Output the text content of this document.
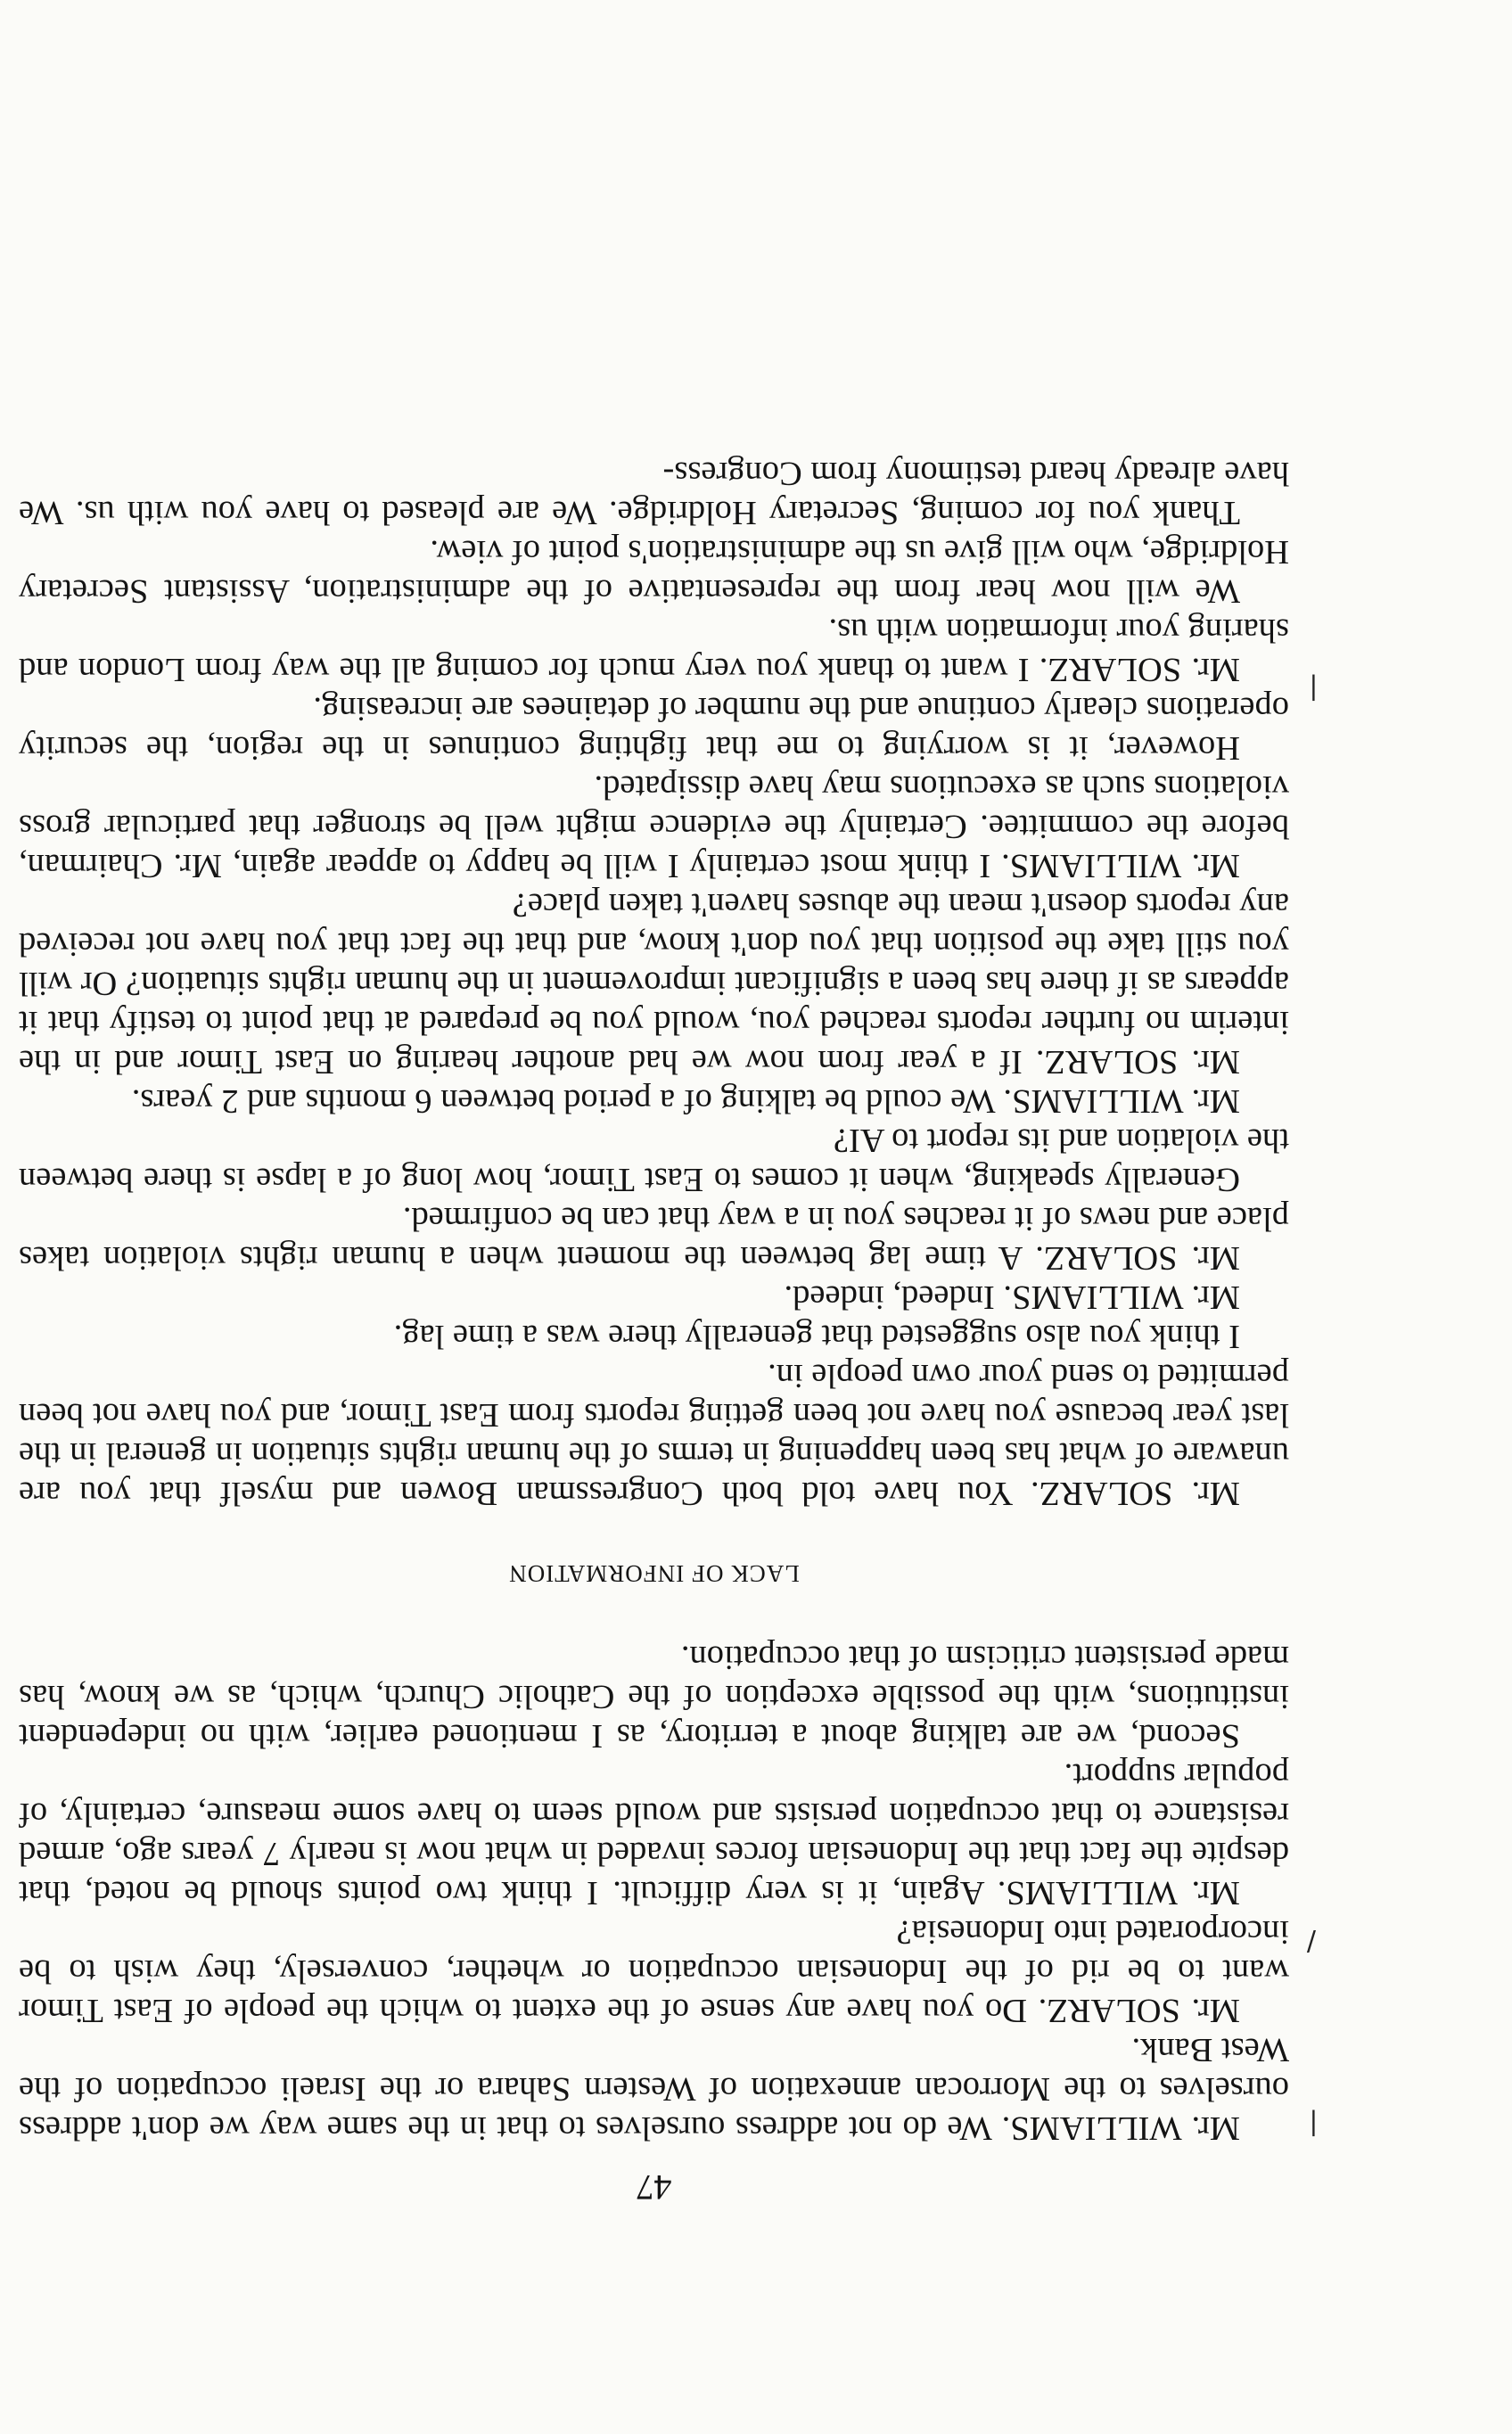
47

Mr. WILLIAMS. We do not address ourselves to that in the same way we don't address ourselves to the Morrocan annexation of Western Sahara or the Israeli occupation of the West Bank.

Mr. SOLARZ. Do you have any sense of the extent to which the people of East Timor want to be rid of the Indonesian occupation or whether, conversely, they wish to be incorporated into Indonesia?

Mr. WILLIAMS. Again, it is very difficult. I think two points should be noted, that despite the fact that the Indonesian forces invaded in what now is nearly 7 years ago, armed resistance to that occupation persists and would seem to have some measure, certainly, of popular support.

Second, we are talking about a territory, as I mentioned earlier, with no independent institutions, with the possible exception of the Catholic Church, which, as we know, has made persistent criticism of that occupation.

LACK OF INFORMATION

Mr. SOLARZ. You have told both Congressman Bowen and myself that you are unaware of what has been happening in terms of the human rights situation in general in the last year because you have not been getting reports from East Timor, and you have not been permitted to send your own people in.

I think you also suggested that generally there was a time lag.

Mr. WILLIAMS. Indeed, indeed.

Mr. SOLARZ. A time lag between the moment when a human rights violation takes place and news of it reaches you in a way that can be confirmed.

Generally speaking, when it comes to East Timor, how long of a lapse is there between the violation and its report to AI?

Mr. WILLIAMS. We could be talking of a period between 6 months and 2 years.

Mr. SOLARZ. If a year from now we had another hearing on East Timor and in the interim no further reports reached you, would you be prepared at that point to testify that it appears as if there has been a significant improvement in the human rights situation? Or will you still take the position that you don't know, and that the fact that you have not received any reports doesn't mean the abuses haven't taken place?

Mr. WILLIAMS. I think most certainly I will be happy to appear again, Mr. Chairman, before the committee. Certainly the evidence might well be stronger that particular gross violations such as executions may have dissipated.

However, it is worrying to me that fighting continues in the region, the security operations clearly continue and the number of detainees are increasing.

Mr. SOLARZ. I want to thank you very much for coming all the way from London and sharing your information with us.

We will now hear from the representative of the administration, Assistant Secretary Holdridge, who will give us the administration's point of view.

Thank you for coming, Secretary Holdridge. We are pleased to have you with us. We have already heard testimony from Congress-

∣
/
∣
